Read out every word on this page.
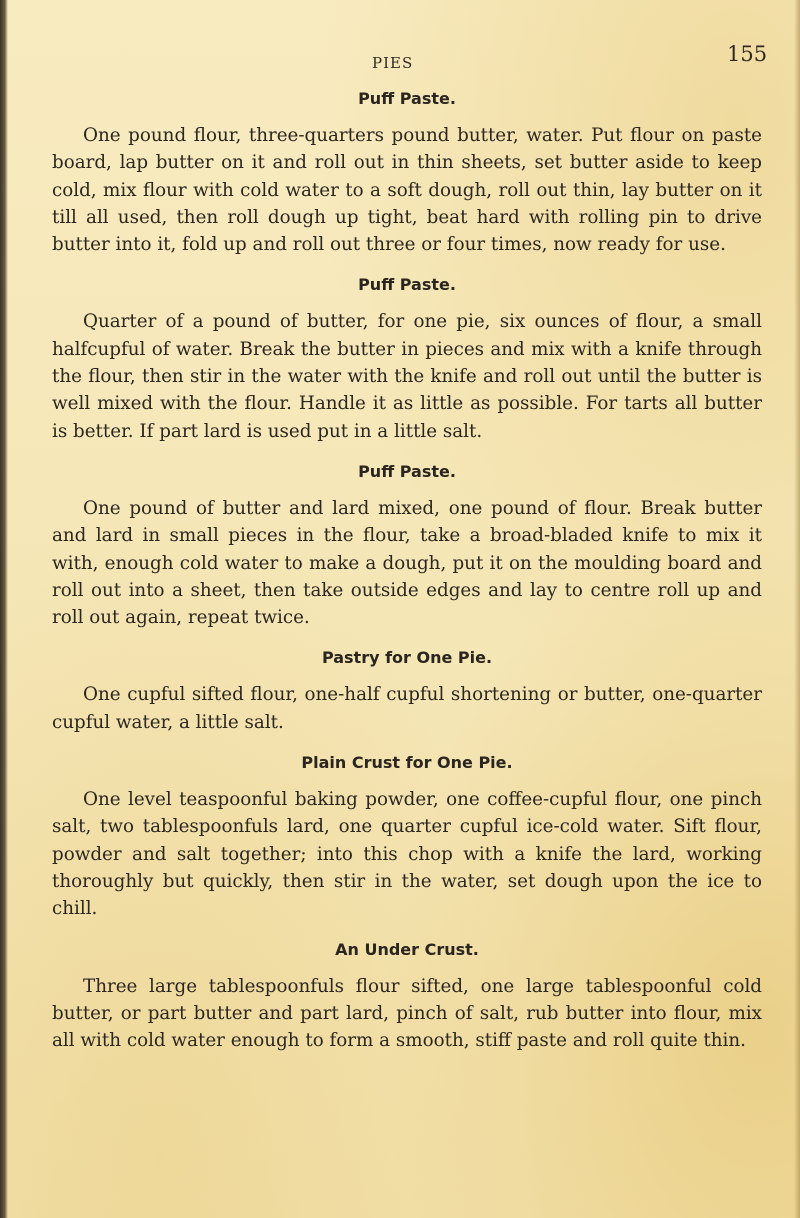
PIES	155
Puff Paste.

One pound flour, three-quarters pound butter, water. Put flour on paste board, lap butter on it and roll out in thin sheets, set butter aside to keep cold, mix flour with cold water to a soft dough, roll out thin, lay butter on it till all used, then roll dough up tight, beat hard with rolling pin to drive butter into it, fold up and roll out three or four times, now ready for use.

Puff Paste.

Quarter of a pound of butter, for one pie, six ounces of flour, a small halfcupful of water. Break the butter in pieces and mix with a knife through the flour, then stir in the water with the knife and roll out until the butter is well mixed with the flour. Handle it as little as possible. For tarts all butter is better. If part lard is used put in a little salt.

Puff Paste.

One pound of butter and lard mixed, one pound of flour. Break butter and lard in small pieces in the flour, take a broad-bladed knife to mix it with, enough cold water to make a dough, put it on the moulding board and roll out into a sheet, then take outside edges and lay to centre roll up and roll out again, repeat twice.

Pastry for One Pie.

One cupful sifted flour, one-half cupful shortening or butter, one-quarter cupful water, a little salt.

Plain Crust for One Pie.

One level teaspoonful baking powder, one coffee-cupful flour, one pinch salt, two tablespoonfuls lard, one quarter cupful ice-cold water. Sift flour, powder and salt together; into this chop with a knife the lard, working thoroughly but quickly, then stir in the water, set dough upon the ice to chill.

An Under Crust.

Three large tablespoonfuls flour sifted, one large tablespoonful cold butter, or part butter and part lard, pinch of salt, rub butter into flour, mix all with cold water enough to form a smooth, stiff paste and roll quite thin.
